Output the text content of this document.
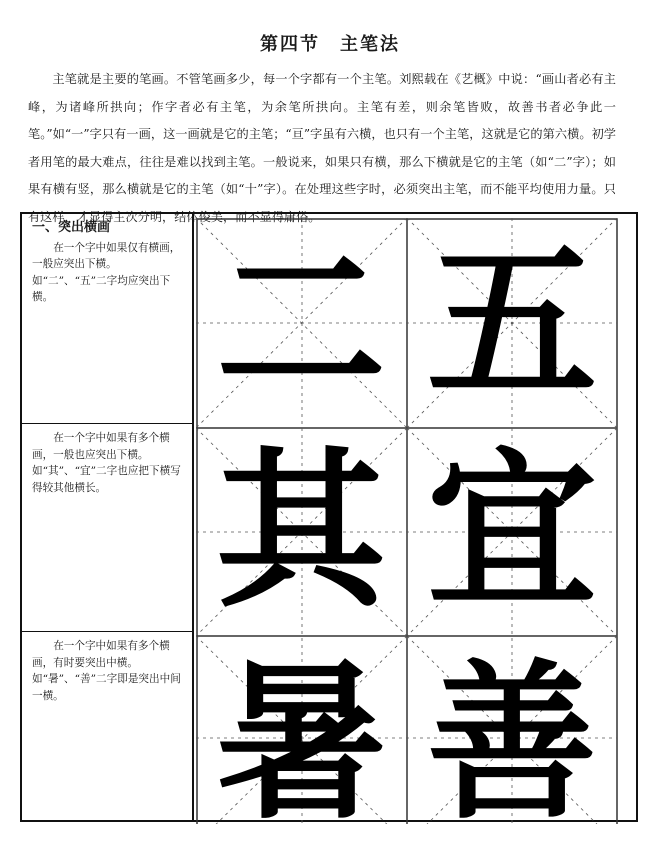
第四节　主笔法
主笔就是主要的笔画。不管笔画多少，每一个字都有一个主笔。刘熙载在《艺概》中说：“画山者必有主峰，为诸峰所拱向；作字者必有主笔，为余笔所拱向。主笔有差，则余笔皆败，故善书者必争此一笔。”如“一”字只有一画，这一画就是它的主笔；“亘”字虽有六横，也只有一个主笔，这就是它的第六横。初学者用笔的最大难点，往往是难以找到主笔。一般说来，如果只有横，那么下横就是它的主笔（如“二”字）；如果有横有竖，那么横就是它的主笔（如“十”字）。在处理这些字时，必须突出主笔，而不能平均使用力量。只有这样，才显得主次分明，结体俊美，而不显得庸俗。
一、突出横画
在一个字中如果仅有横画，一般应突出下横。如“二”、“五”二字均应突出下横。
在一个字中如果有多个横画，一般也应突出下横。如“其”、“宜”二字也应把下横写得较其他横长。
在一个字中如果有多个横画，有时要突出中横。如“暑”、“善”二字即是突出中间一横。
二 五
其 宜
暑 善
